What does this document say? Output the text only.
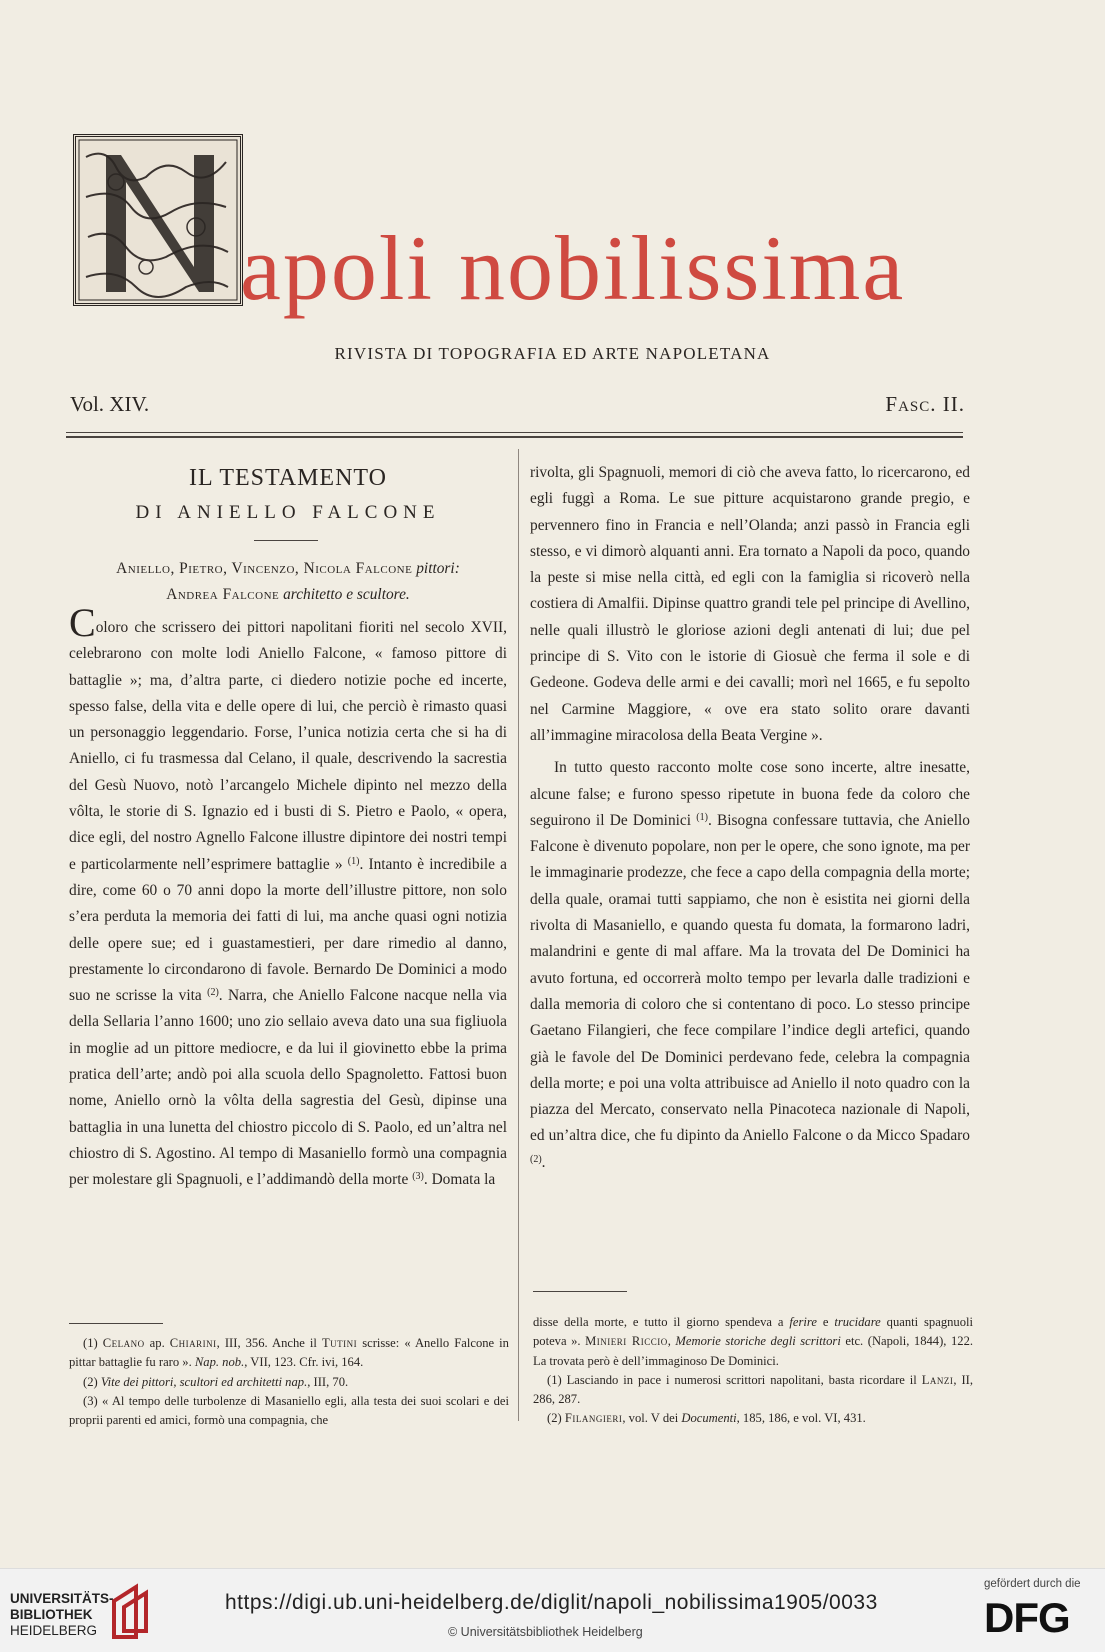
N apoli nobilissima
RIVISTA DI TOPOGRAFIA ED ARTE NAPOLETANA
Vol. XIV.	Fasc. II.
IL TESTAMENTO
DI ANIELLO FALCONE
Aniello, Pietro, Vincenzo, Nicola Falcone pittori:
Andrea Falcone architetto e scultore.

Coloro che scrissero dei pittori napolitani fioriti nel secolo XVII, celebrarono con molte lodi Aniello Falcone, « famoso pittore di battaglie »; ma, d’altra parte, ci diedero notizie poche ed incerte, spesso false, della vita e delle opere di lui, che perciò è rimasto quasi un personaggio leggendario. Forse, l’unica notizia certa che si ha di Aniello, ci fu trasmessa dal Celano, il quale, descrivendo la sacrestia del Gesù Nuovo, notò l’arcangelo Michele dipinto nel mezzo della vôlta, le storie di S. Ignazio ed i busti di S. Pietro e Paolo, « opera, dice egli, del nostro Agnello Falcone illustre dipintore dei nostri tempi e particolarmente nell’esprimere battaglie » $^{(1)}$. Intanto è incredibile a dire, come 60 o 70 anni dopo la morte dell’illustre pittore, non solo s’era perduta la memoria dei fatti di lui, ma anche quasi ogni notizia delle opere sue; ed i guastamestieri, per dare rimedio al danno, prestamente lo circondarono di favole. Bernardo De Dominici a modo suo ne scrisse la vita $^{(2)}$. Narra, che Aniello Falcone nacque nella via della Sellaria l’anno 1600; uno zio sellaio aveva dato una sua figliuola in moglie ad un pittore mediocre, e da lui il giovinetto ebbe la prima pratica dell’arte; andò poi alla scuola dello Spagnoletto. Fattosi buon nome, Aniello ornò la vôlta della sagrestia del Gesù, dipinse una battaglia in una lunetta del chiostro piccolo di S. Paolo, ed un’altra nel chiostro di S. Agostino. Al tempo di Masaniello formò una compagnia per molestare gli Spagnuoli, e l’addimandò della morte $^{(3)}$. Domata la

rivolta, gli Spagnuoli, memori di ciò che aveva fatto, lo ricercarono, ed egli fuggì a Roma. Le sue pitture acquistarono grande pregio, e pervennero fino in Francia e nell’Olanda; anzi passò in Francia egli stesso, e vi dimorò alquanti anni. Era tornato a Napoli da poco, quando la peste si mise nella città, ed egli con la famiglia si ricoverò nella costiera di Amalfii. Dipinse quattro grandi tele pel principe di Avellino, nelle quali illustrò le gloriose azioni degli antenati di lui; due pel principe di S. Vito con le istorie di Giosuè che ferma il sole e di Gedeone. Godeva delle armi e dei cavalli; morì nel 1665, e fu sepolto nel Carmine Maggiore, « ove era stato solito orare davanti all’immagine miracolosa della Beata Vergine ».

In tutto questo racconto molte cose sono incerte, altre inesatte, alcune false; e furono spesso ripetute in buona fede da coloro che seguirono il De Dominici $^{(1)}$. Bisogna confessare tuttavia, che Aniello Falcone è divenuto popolare, non per le opere, che sono ignote, ma per le immaginarie prodezze, che fece a capo della compagnia della morte; della quale, oramai tutti sappiamo, che non è esistita nei giorni della rivolta di Masaniello, e quando questa fu domata, la formarono ladri, malandrini e gente di mal affare. Ma la trovata del De Dominici ha avuto fortuna, ed occorrerà molto tempo per levarla dalle tradizioni e dalla memoria di coloro che si contentano di poco. Lo stesso principe Gaetano Filangieri, che fece compilare l’indice degli artefici, quando già le favole del De Dominici perdevano fede, celebra la compagnia della morte; e poi una volta attribuisce ad Aniello il noto quadro con la piazza del Mercato, conservato nella Pinacoteca nazionale di Napoli, ed un’altra dice, che fu dipinto da Aniello Falcone o da Micco Spadaro $^{(2)}$.

(1) Celano ap. Chiarini, III, 356. Anche il Tutini scrisse: « Anello Falcone in pittar battaglie fu raro ». Nap. nob., VII, 123. Cfr. ivi, 164.

(2) Vite dei pittori, scultori ed architetti nap., III, 70.

(3) « Al tempo delle turbolenze di Masaniello egli, alla testa dei suoi scolari e dei proprii parenti ed amici, formò una compagnia, che

disse della morte, e tutto il giorno spendeva a ferire e trucidare quanti spagnuoli poteva ». Minieri Riccio, Memorie storiche degli scrittori etc. (Napoli, 1844), 122. La trovata però è dell’immaginoso De Dominici.

(1) Lasciando in pace i numerosi scrittori napolitani, basta ricordare il Lanzi, II, 286, 287.

(2) Filangieri, vol. V dei Documenti, 185, 186, e vol. VI, 431.

UNIVERSITÄTS-
BIBLIOTHEK
HEIDELBERG
https://digi.ub.uni-heidelberg.de/diglit/napoli_nobilissima1905/0033
© Universitätsbibliothek Heidelberg
gefördert durch die
DFG
